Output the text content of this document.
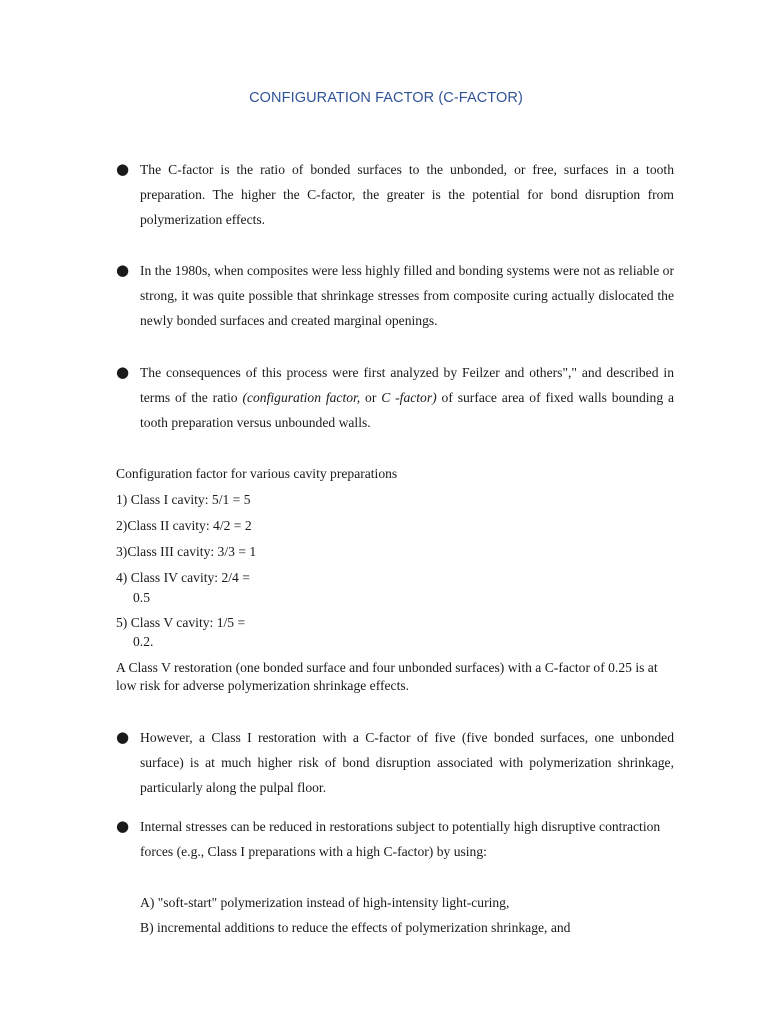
CONFIGURATION FACTOR (C-FACTOR)
● The C-factor is the ratio of bonded surfaces to the unbonded, or free, surfaces in a tooth preparation. The higher the C-factor, the greater is the potential for bond disruption from polymerization effects.
● In the 1980s, when composites were less highly filled and bonding systems were not as reliable or strong, it was quite possible that shrinkage stresses from composite curing actually dislocated the newly bonded surfaces and created marginal openings.
● The consequences of this process were first analyzed by Feilzer and others"," and described in terms of the ratio (configuration factor, or C -factor) of surface area of fixed walls bounding a tooth preparation versus unbounded walls.
Configuration factor for various cavity preparations
1) Class I cavity: 5/1 = 5
2)Class II cavity: 4/2 = 2
3)Class III cavity: 3/3 = 1
4) Class IV cavity: 2/4 =
0.5
5) Class V cavity: 1/5 =
0.2.
A Class V restoration (one bonded surface and four unbonded surfaces) with a C-factor of 0.25 is at low risk for adverse polymerization shrinkage effects.
● However, a Class I restoration with a C-factor of five (five bonded surfaces, one unbonded surface) is at much higher risk of bond disruption associated with polymerization shrinkage, particularly along the pulpal floor.
● Internal stresses can be reduced in restorations subject to potentially high disruptive contraction forces (e.g., Class I preparations with a high C-factor) by using:
A) "soft-start" polymerization instead of high-intensity light-curing,
B) incremental additions to reduce the effects of polymerization shrinkage, and
